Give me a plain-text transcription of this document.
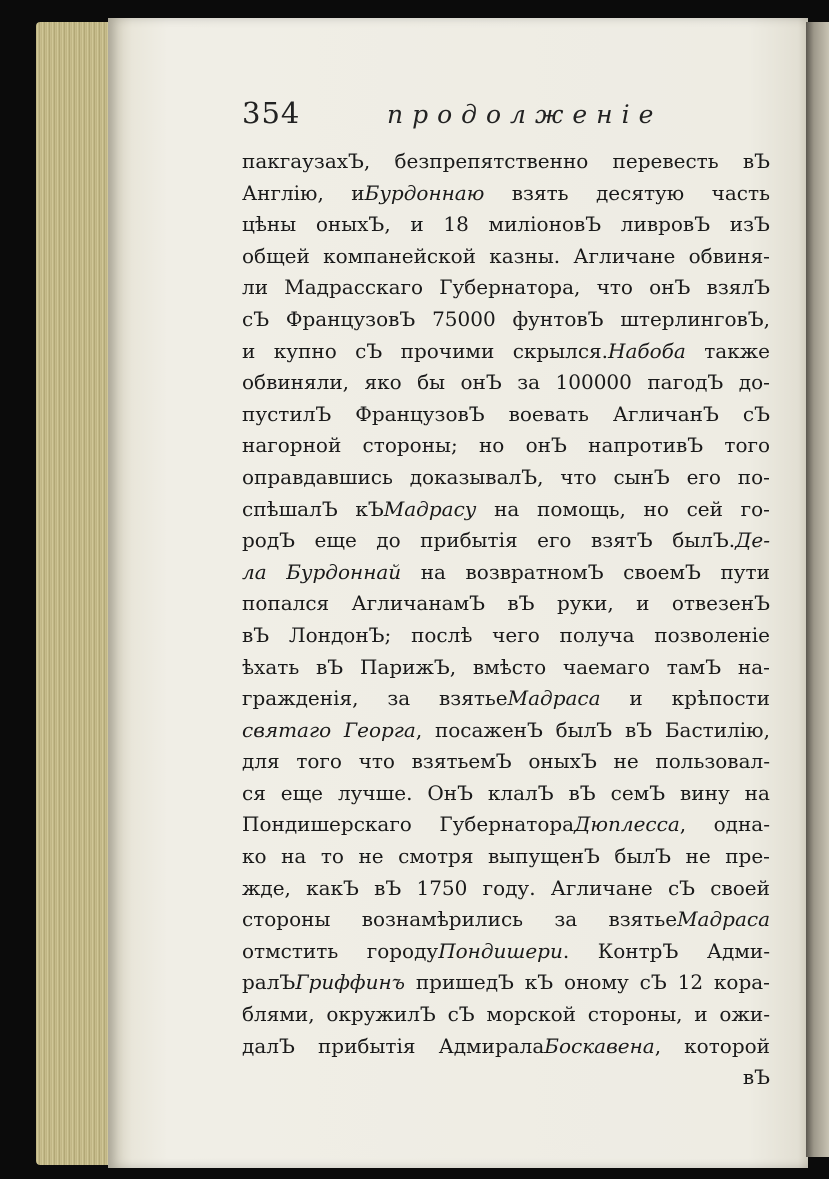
354	продолженіе
пакгаузахЪ, безпрепятственно перевесть вЪ
Англію, иБурдоннаю взять десятую часть
цѣны оныхЪ, и 18 миліоновЪ ливровЪ изЪ
общей компанейской казны. Агличане обвиня-
ли Мадрасскаго Губернатора, что онЪ взялЪ
сЪ ФранцузовЪ 75000 фунтовЪ штерлинговЪ,
и купно сЪ прочими скрылся.Набоба также
обвиняли, яко бы онЪ за 100000 пагодЪ до-
пустилЪ ФранцузовЪ воевать АгличанЪ сЪ
нагорной стороны; но онЪ напротивЪ того
оправдавшись доказывалЪ, что сынЪ его по-
спѣшалЪ кЪМадрасу на помощь, но сей го-
родЪ еще до прибытія его взятЪ былЪ.Де-
ла Бурдоннай на возвратномЪ своемЪ пути
попался АгличанамЪ вЪ руки, и отвезенЪ
вЪ ЛондонЪ; послѣ чего получа позволеніе
ѣхать вЪ ПарижЪ, вмѣсто чаемаго тамЪ на-
гражденія, за взятьеМадраса и крѣпости
святаго Георга, посаженЪ былЪ вЪ Бастилію,
для того что взятьемЪ оныхЪ не пользовал-
ся еще лучше. ОнЪ клалЪ вЪ семЪ вину на
Пондишерскаго ГубернатораДюплесса, одна-
ко на то не смотря выпущенЪ былЪ не пре-
жде, какЪ вЪ 1750 году. Агличане сЪ своей
стороны вознамѣрились за взятьеМадраса
отмстить городуПондишери. КонтрЪ Адми-
ралЪГриффинъ пришедЪ кЪ оному сЪ 12 кора-
блями, окружилЪ сЪ морской стороны, и ожи-
далЪ прибытія АдмиралаБоскавена, которой
вЪ
